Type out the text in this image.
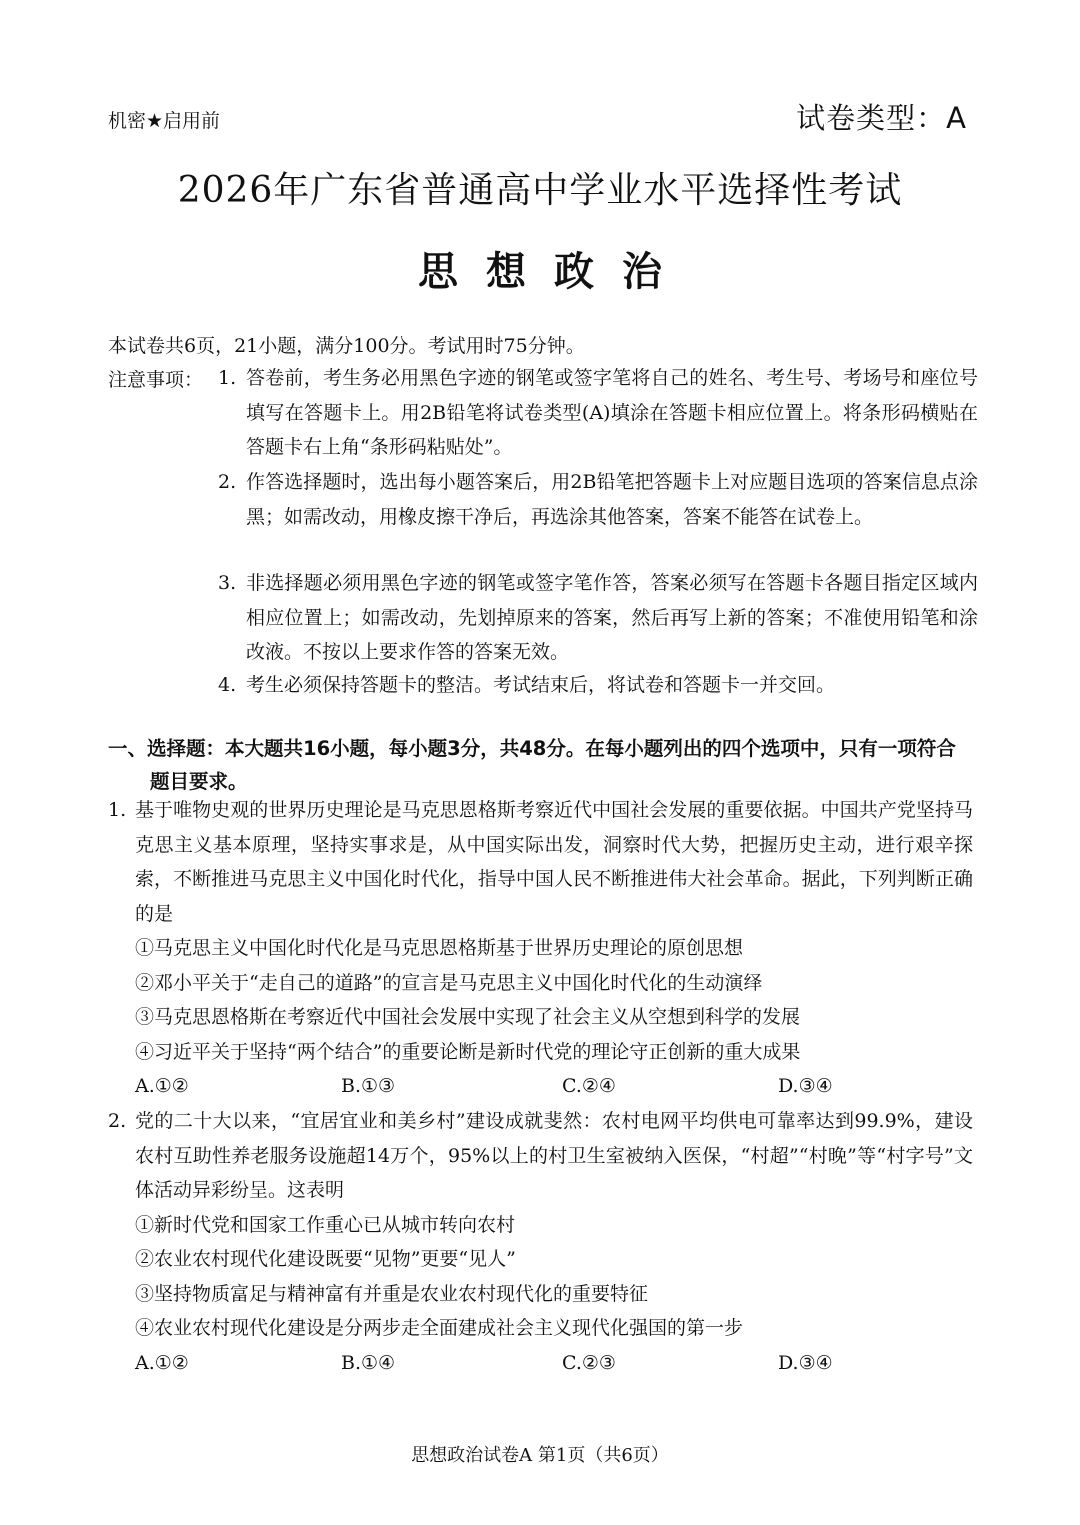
机密★启用前	试卷类型：A
2026年广东省普通高中学业水平选择性考试
思想政治
本试卷共6页，21小题，满分100分。考试用时75分钟。
注意事项： 1. 答卷前，考生务必用黑色字迹的钢笔或签字笔将自己的姓名、考生号、考场号和座位号填写在答题卡上。用2B铅笔将试卷类型(A)填涂在答题卡相应位置上。将条形码横贴在答题卡右上角“条形码粘贴处”。
2. 作答选择题时，选出每小题答案后，用2B铅笔把答题卡上对应题目选项的答案信息点涂黑；如需改动，用橡皮擦干净后，再选涂其他答案，答案不能答在试卷上。
3. 非选择题必须用黑色字迹的钢笔或签字笔作答，答案必须写在答题卡各题目指定区域内相应位置上；如需改动，先划掉原来的答案，然后再写上新的答案；不准使用铅笔和涂改液。不按以上要求作答的答案无效。
4. 考生必须保持答题卡的整洁。考试结束后，将试卷和答题卡一并交回。
一、选择题：本大题共16小题，每小题3分，共48分。在每小题列出的四个选项中，只有一项符合题目要求。
1. 基于唯物史观的世界历史理论是马克思恩格斯考察近代中国社会发展的重要依据。中国共产党坚持马克思主义基本原理，坚持实事求是，从中国实际出发，洞察时代大势，把握历史主动，进行艰辛探索，不断推进马克思主义中国化时代化，指导中国人民不断推进伟大社会革命。据此，下列判断正确的是

①马克思主义中国化时代化是马克思恩格斯基于世界历史理论的原创思想

②邓小平关于“走自己的道路”的宣言是马克思主义中国化时代化的生动演绎

③马克思恩格斯在考察近代中国社会发展中实现了社会主义从空想到科学的发展

④习近平关于坚持“两个结合”的重要论断是新时代党的理论守正创新的重大成果

A.①②	B.①③	C.②④	D.③④
2. 党的二十大以来，“宜居宜业和美乡村”建设成就斐然：农村电网平均供电可靠率达到99.9%，建设农村互助性养老服务设施超14万个，95%以上的村卫生室被纳入医保，“村超”“村晚”等“村字号”文体活动异彩纷呈。这表明

①新时代党和国家工作重心已从城市转向农村

②农业农村现代化建设既要“见物”更要“见人”

③坚持物质富足与精神富有并重是农业农村现代化的重要特征

④农业农村现代化建设是分两步走全面建成社会主义现代化强国的第一步

A.①②	B.①④	C.②③	D.③④
思想政治试卷A 第1页（共6页）
